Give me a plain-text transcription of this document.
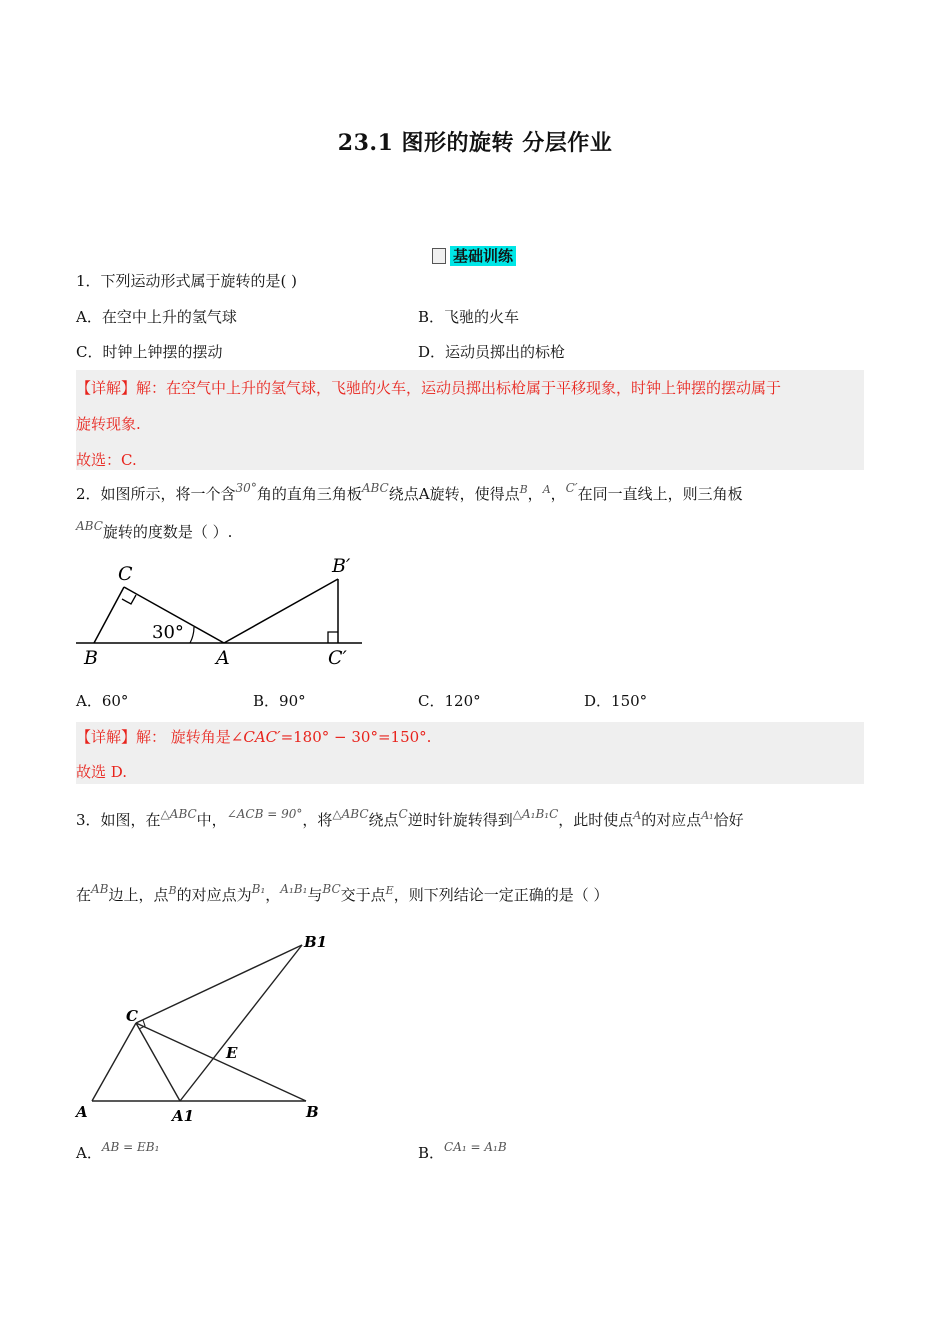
23.1 图形的旋转 分层作业
基础训练
1．下列运动形式属于旋转的是( )
A．在空中上升的氢气球	B．飞驰的火车
C．时钟上钟摆的摆动	D．运动员掷出的标枪
【详解】解：在空气中上升的氢气球，飞驰的火车，运动员掷出标枪属于平移现象，时钟上钟摆的摆动属于
旋转现象.
故选：C.
2．如图所示，将一个含$^{30^\circ}$角的直角三角板$^{ABC}$绕点A旋转，使得点$^B$，$^A$，$^{C'}$在同一直线上，则三角板
$^{ABC}$旋转的度数是（ ）.
C
B	A
B′
C′
30°
A．60°	B．90°	C．120°	D．150°
【详解】解： 旋转角是∠CAC′=180° − 30°=150°.
故选 D.
3．如图，在$^{\triangle ABC}$中，$^{\angle ACB = 90^\circ}$，将$^{\triangle ABC}$绕点$^C$逆时针旋转得到$^{\triangle A_1B_1C}$，此时使点$^A$的对应点$^{A_1}$恰好
在$^{AB}$边上，点$^B$的对应点为$^{B_1}$，$^{A_1B_1}$与$^{BC}$交于点$^E$，则下列结论一定正确的是（ ）
B1
C
E
A	A1	B
A．$^{AB = EB_1}$	B．$^{CA_1 = A_1B}$
